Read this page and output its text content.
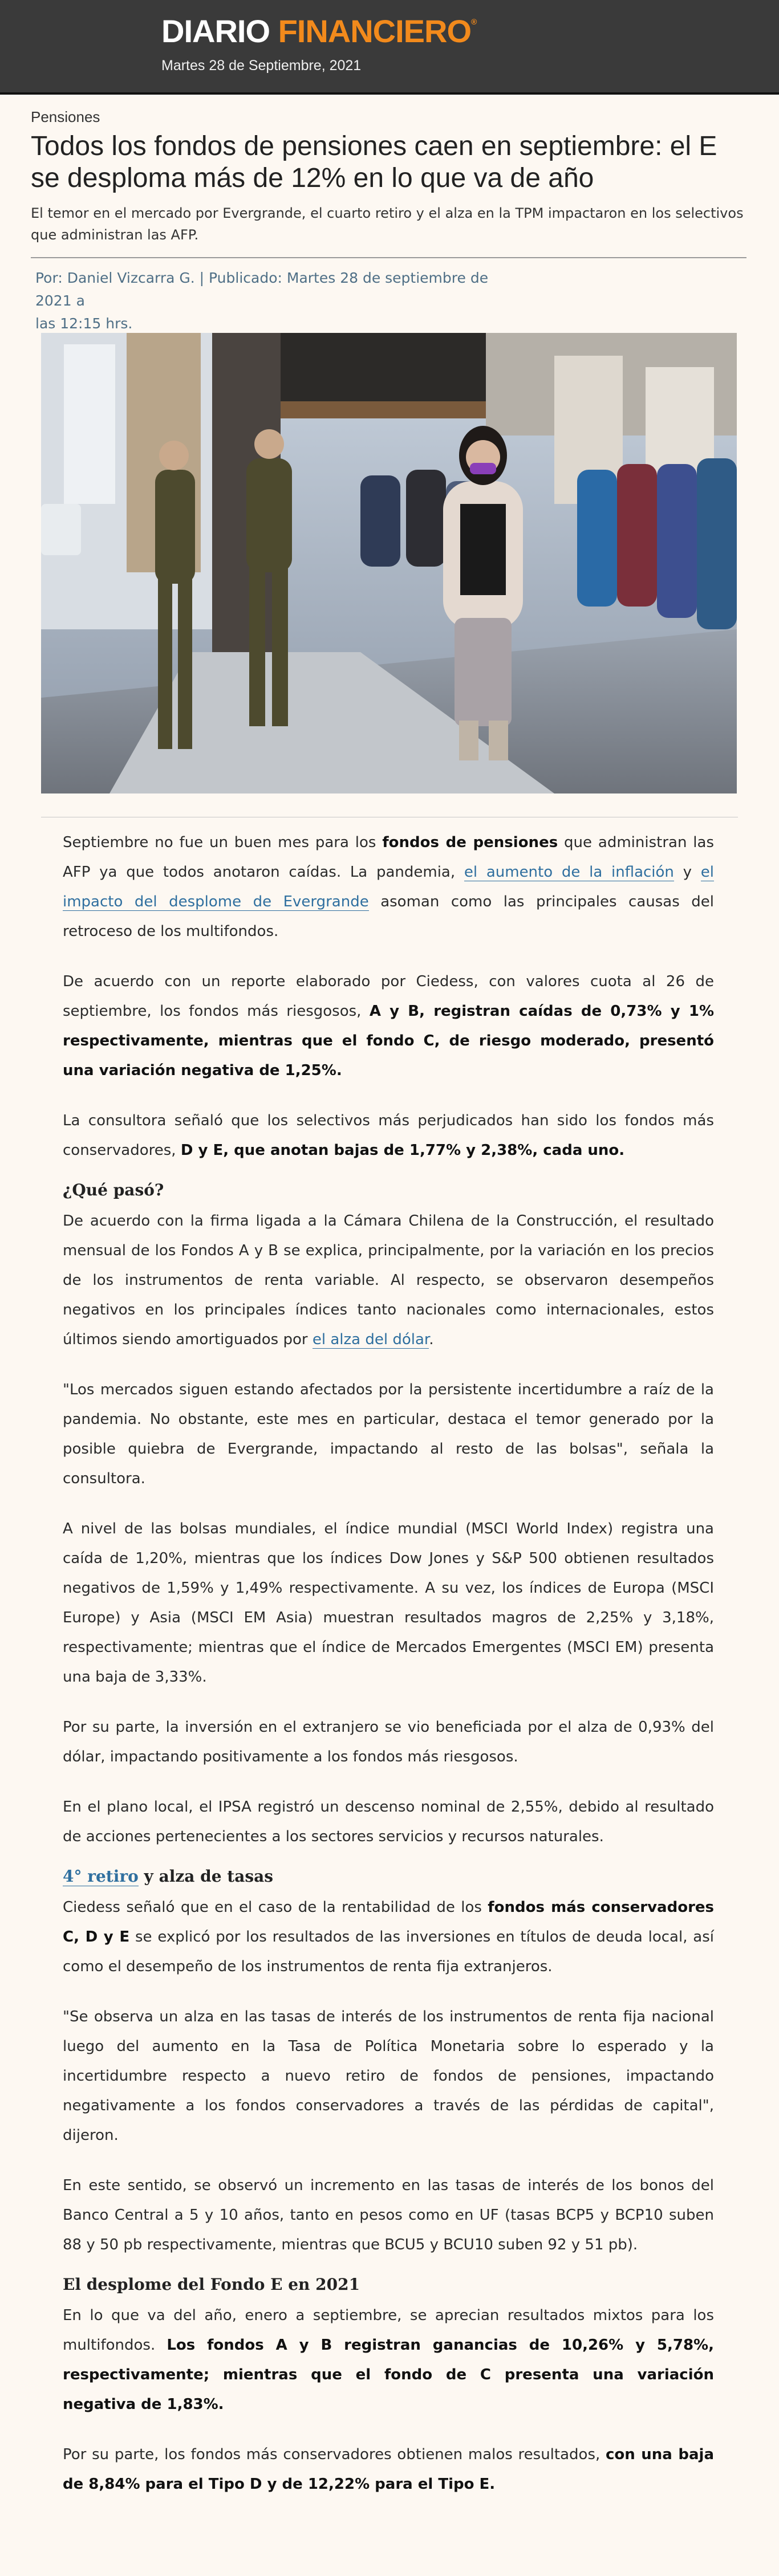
DIARIO FINANCIERO®
Martes 28 de Septiembre, 2021

Pensiones

Todos los fondos de pensiones caen en septiembre: el E se desploma más de 12% en lo que va de año

El temor en el mercado por Evergrande, el cuarto retiro y el alza en la TPM impactaron en los selectivos que administran las AFP.

Por: Daniel Vizcarra G. | Publicado: Martes 28 de septiembre de 2021 a
las 12:15 hrs.

Septiembre no fue un buen mes para los fondos de pensiones que administran las AFP ya que todos anotaron caídas. La pandemia, el aumento de la inflación y el impacto del desplome de Evergrande asoman como las principales causas del retroceso de los multifondos.

De acuerdo con un reporte elaborado por Ciedess, con valores cuota al 26 de septiembre, los fondos más riesgosos, A y B, registran caídas de 0,73% y 1% respectivamente, mientras que el fondo C, de riesgo moderado, presentó una variación negativa de 1,25%.

La consultora señaló que los selectivos más perjudicados han sido los fondos más conservadores, D y E, que anotan bajas de 1,77% y 2,38%, cada uno.

¿Qué pasó?

De acuerdo con la firma ligada a la Cámara Chilena de la Construcción, el resultado mensual de los Fondos A y B se explica, principalmente, por la variación en los precios de los instrumentos de renta variable. Al respecto, se observaron desempeños negativos en los principales índices tanto nacionales como internacionales, estos últimos siendo amortiguados por el alza del dólar.

"Los mercados siguen estando afectados por la persistente incertidumbre a raíz de la pandemia. No obstante, este mes en particular, destaca el temor generado por la posible quiebra de Evergrande, impactando al resto de las bolsas", señala la consultora.

A nivel de las bolsas mundiales, el índice mundial (MSCI World Index) registra una caída de 1,20%, mientras que los índices Dow Jones y S&P 500 obtienen resultados negativos de 1,59% y 1,49% respectivamente. A su vez, los índices de Europa (MSCI Europe) y Asia (MSCI EM Asia) muestran resultados magros de 2,25% y 3,18%, respectivamente; mientras que el índice de Mercados Emergentes (MSCI EM) presenta una baja de 3,33%.

Por su parte, la inversión en el extranjero se vio beneficiada por el alza de 0,93% del dólar, impactando positivamente a los fondos más riesgosos.

En el plano local, el IPSA registró un descenso nominal de 2,55%, debido al resultado de acciones pertenecientes a los sectores servicios y recursos naturales.

4° retiro y alza de tasas

Ciedess señaló que en el caso de la rentabilidad de los fondos más conservadores C, D y E se explicó por los resultados de las inversiones en títulos de deuda local, así como el desempeño de los instrumentos de renta fija extranjeros.

"Se observa un alza en las tasas de interés de los instrumentos de renta fija nacional luego del aumento en la Tasa de Política Monetaria sobre lo esperado y la incertidumbre respecto a nuevo retiro de fondos de pensiones, impactando negativamente a los fondos conservadores a través de las pérdidas de capital", dijeron.

En este sentido, se observó un incremento en las tasas de interés de los bonos del Banco Central a 5 y 10 años, tanto en pesos como en UF (tasas BCP5 y BCP10 suben 88 y 50 pb respectivamente, mientras que BCU5 y BCU10 suben 92 y 51 pb).

El desplome del Fondo E en 2021

En lo que va del año, enero a septiembre, se aprecian resultados mixtos para los multifondos. Los fondos A y B registran ganancias de 10,26% y 5,78%, respectivamente; mientras que el fondo de C presenta una variación negativa de 1,83%.

Por su parte, los fondos más conservadores obtienen malos resultados, con una baja de 8,84% para el Tipo D y de 12,22% para el Tipo E.
